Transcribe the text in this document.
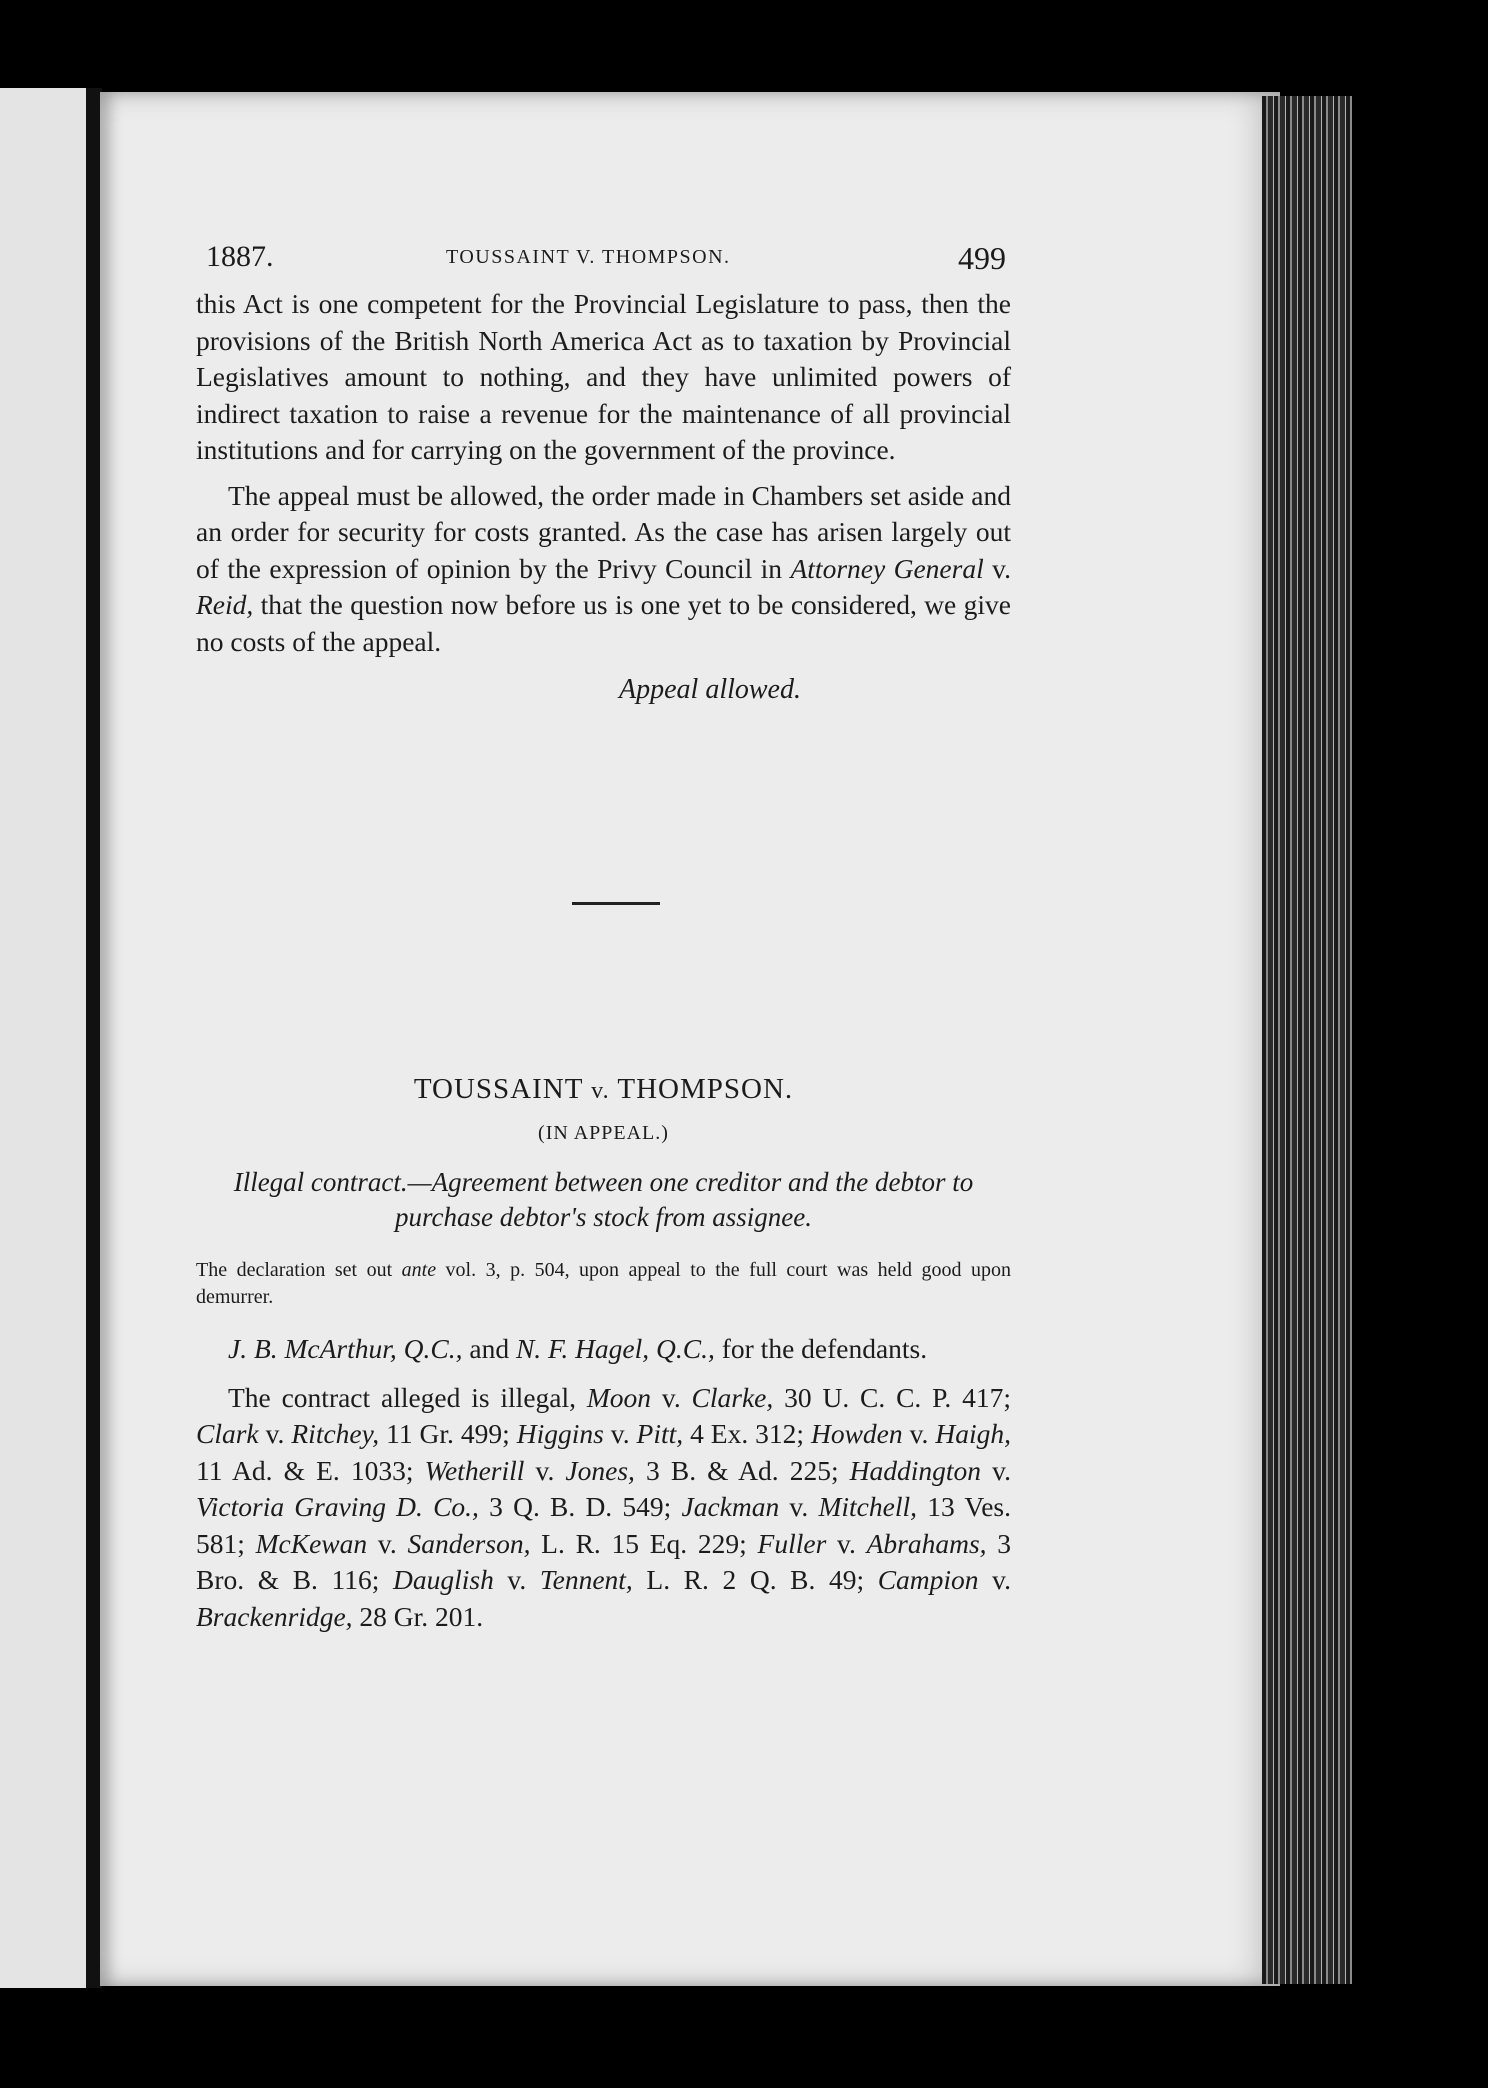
1887.	TOUSSAINT V. THOMPSON.	499

this Act is one competent for the Provincial Legislature to pass, then the provisions of the British North America Act as to taxation by Provincial Legislatives amount to nothing, and they have unlimited powers of indirect taxation to raise a revenue for the maintenance of all provincial institutions and for carrying on the government of the province.

The appeal must be allowed, the order made in Chambers set aside and an order for security for costs granted. As the case has arisen largely out of the expression of opinion by the Privy Council in Attorney General v. Reid, that the question now before us is one yet to be considered, we give no costs of the appeal.

Appeal allowed.

TOUSSAINT v. THOMPSON.

(IN APPEAL.)

Illegal contract.—Agreement between one creditor and the debtor to purchase debtor's stock from assignee.

The declaration set out ante vol. 3, p. 504, upon appeal to the full court was held good upon demurrer.

J. B. McArthur, Q.C., and N. F. Hagel, Q.C., for the defendants.

The contract alleged is illegal, Moon v. Clarke, 30 U. C. C. P. 417; Clark v. Ritchey, 11 Gr. 499; Higgins v. Pitt, 4 Ex. 312; Howden v. Haigh, 11 Ad. & E. 1033; Wetherill v. Jones, 3 B. & Ad. 225; Haddington v. Victoria Graving D. Co., 3 Q. B. D. 549; Jackman v. Mitchell, 13 Ves. 581; McKewan v. Sanderson, L. R. 15 Eq. 229; Fuller v. Abrahams, 3 Bro. & B. 116; Dauglish v. Tennent, L. R. 2 Q. B. 49; Campion v. Brackenridge, 28 Gr. 201.
